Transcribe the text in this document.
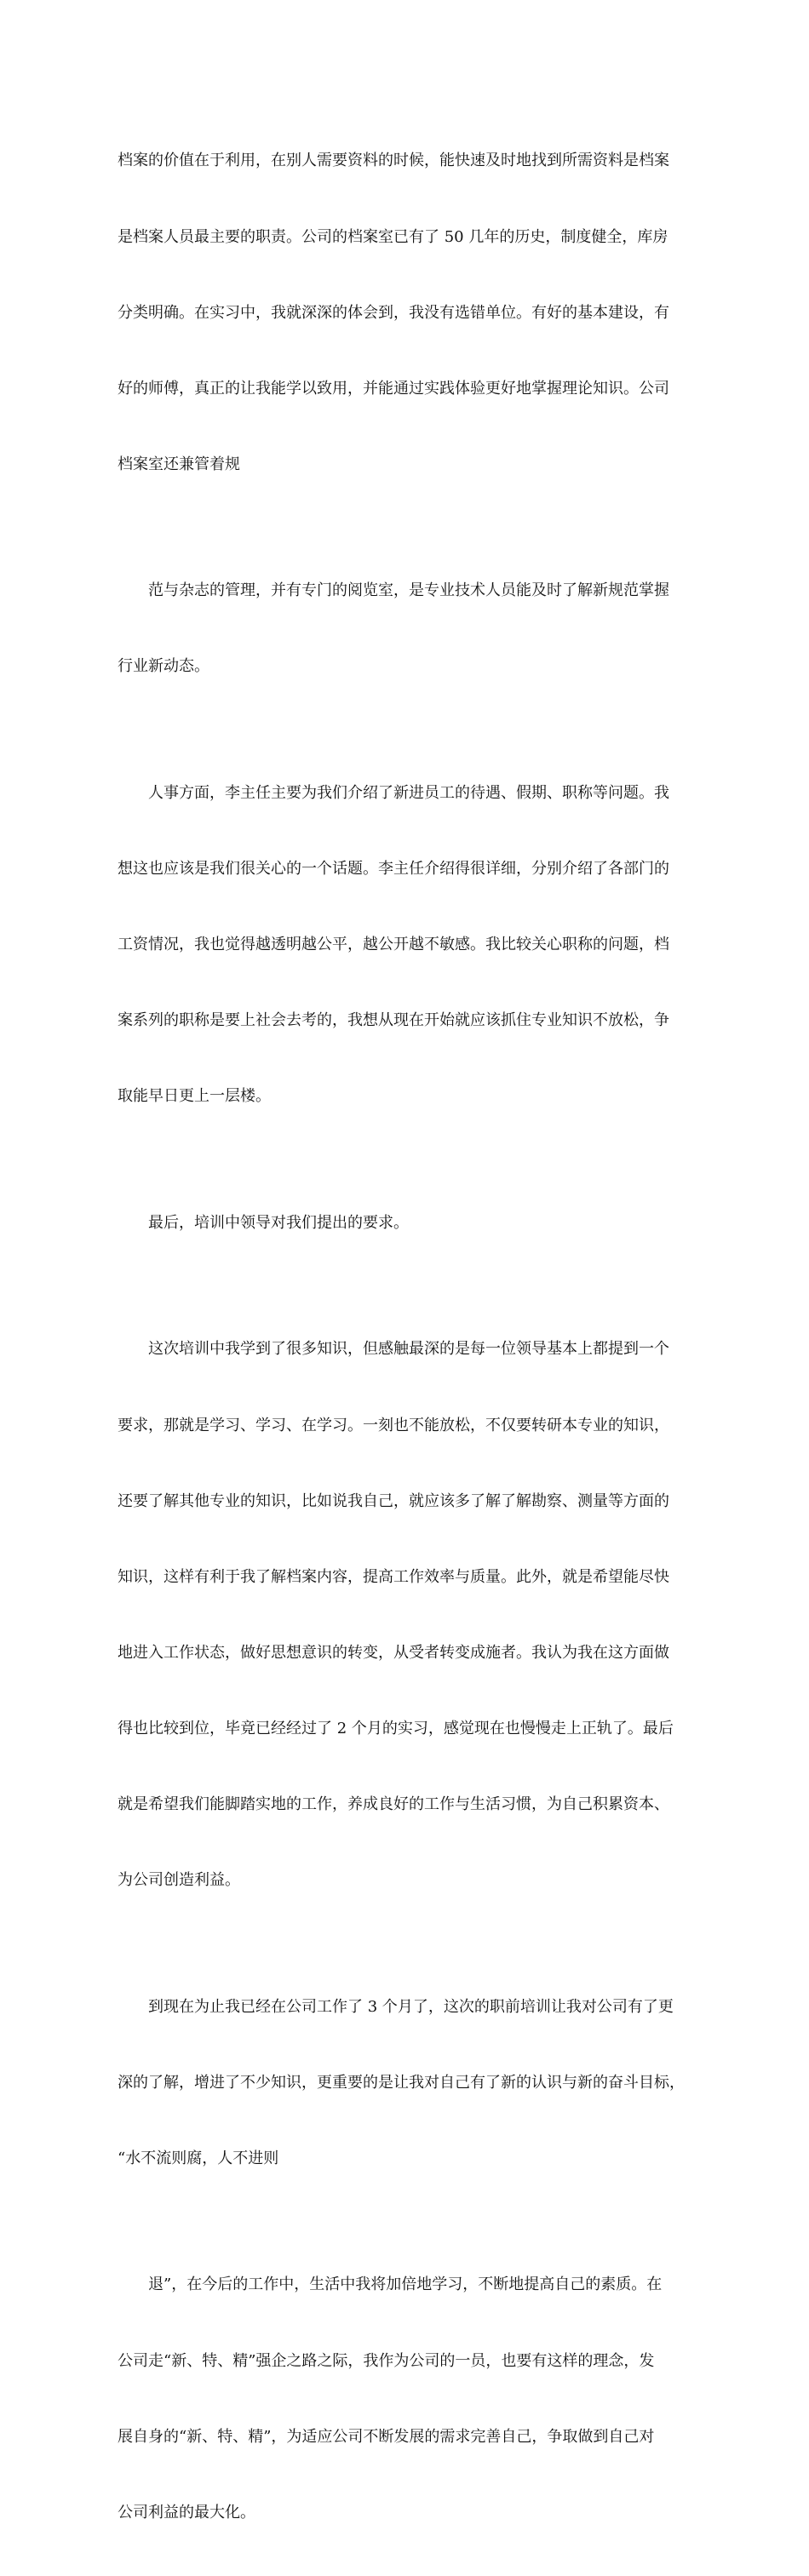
档案的价值在于利用，在别人需要资料的时候，能快速及时地找到所需资料是档案

是档案人员最主要的职责。公司的档案室已有了 50 几年的历史，制度健全，库房

分类明确。在实习中，我就深深的体会到，我没有选错单位。有好的基本建设，有

好的师傅，真正的让我能学以致用，并能通过实践体验更好地掌握理论知识。公司

档案室还兼管着规

　　范与杂志的管理，并有专门的阅览室，是专业技术人员能及时了解新规范掌握

行业新动态。

　　人事方面，李主任主要为我们介绍了新进员工的待遇、假期、职称等问题。我

想这也应该是我们很关心的一个话题。李主任介绍得很详细，分别介绍了各部门的

工资情况，我也觉得越透明越公平，越公开越不敏感。我比较关心职称的问题，档

案系列的职称是要上社会去考的，我想从现在开始就应该抓住专业知识不放松，争

取能早日更上一层楼。

　　最后，培训中领导对我们提出的要求。

　　这次培训中我学到了很多知识，但感触最深的是每一位领导基本上都提到一个

要求，那就是学习、学习、在学习。一刻也不能放松，不仅要转研本专业的知识，

还要了解其他专业的知识，比如说我自己，就应该多了解了解勘察、测量等方面的

知识，这样有利于我了解档案内容，提高工作效率与质量。此外，就是希望能尽快

地进入工作状态，做好思想意识的转变，从受者转变成施者。我认为我在这方面做

得也比较到位，毕竟已经经过了 2 个月的实习，感觉现在也慢慢走上正轨了。最后

就是希望我们能脚踏实地的工作，养成良好的工作与生活习惯，为自己积累资本、

为公司创造利益。

　　到现在为止我已经在公司工作了 3 个月了，这次的职前培训让我对公司有了更

深的了解，增进了不少知识，更重要的是让我对自己有了新的认识与新的奋斗目标，

“水不流则腐，人不进则

　　退”，在今后的工作中，生活中我将加倍地学习，不断地提高自己的素质。在

公司走“新、特、精”强企之路之际，我作为公司的一员，也要有这样的理念，发

展自身的“新、特、精”，为适应公司不断发展的需求完善自己，争取做到自己对

公司利益的最大化。
